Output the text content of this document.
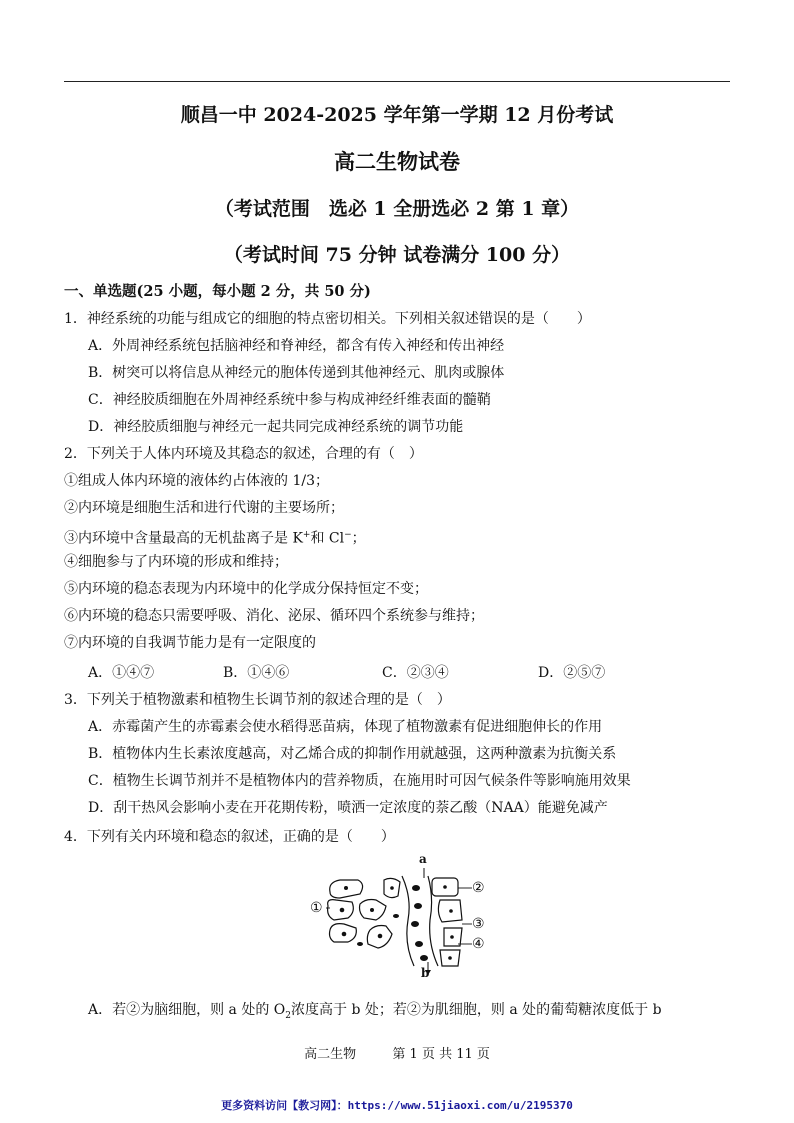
顺昌一中 2024-2025 学年第一学期 12 月份考试
高二生物试卷
（考试范围　选必 1 全册选必 2 第 1 章）
（考试时间 75 分钟 试卷满分 100 分）
一、单选题(25 小题，每小题 2 分，共 50 分)
1．神经系统的功能与组成它的细胞的特点密切相关。下列相关叙述错误的是（　　）
A．外周神经系统包括脑神经和脊神经，都含有传入神经和传出神经
B．树突可以将信息从神经元的胞体传递到其他神经元、肌肉或腺体
C．神经胶质细胞在外周神经系统中参与构成神经纤维表面的髓鞘
D．神经胶质细胞与神经元一起共同完成神经系统的调节功能
2．下列关于人体内环境及其稳态的叙述，合理的有（　）
①组成人体内环境的液体约占体液的 1/3；
②内环境是细胞生活和进行代谢的主要场所；
③内环境中含量最高的无机盐离子是 K+和 Cl−；
④细胞参与了内环境的形成和维持；
⑤内环境的稳态表现为内环境中的化学成分保持恒定不变；
⑥内环境的稳态只需要呼吸、消化、泌尿、循环四个系统参与维持；
⑦内环境的自我调节能力是有一定限度的
A．①④⑦	B．①④⑥	C．②③④	D．②⑤⑦
3．下列关于植物激素和植物生长调节剂的叙述合理的是（　）
A．赤霉菌产生的赤霉素会使水稻得恶苗病，体现了植物激素有促进细胞伸长的作用
B．植物体内生长素浓度越高，对乙烯合成的抑制作用就越强，这两种激素为抗衡关系
C．植物生长调节剂并不是植物体内的营养物质，在施用时可因气候条件等影响施用效果
D．刮干热风会影响小麦在开花期传粉，喷洒一定浓度的萘乙酸（NAA）能避免减产
4．下列有关内环境和稳态的叙述，正确的是（　　）
a
b
①
②
③
④
A．若②为脑细胞，则 a 处的 $O_2$浓度高于 b 处；若②为肌细胞，则 a 处的葡萄糖浓度低于 b
高二生物	第 1 页 共 11 页
更多资料访问【教习网】：https://www.51jiaoxi.com/u/2195370
